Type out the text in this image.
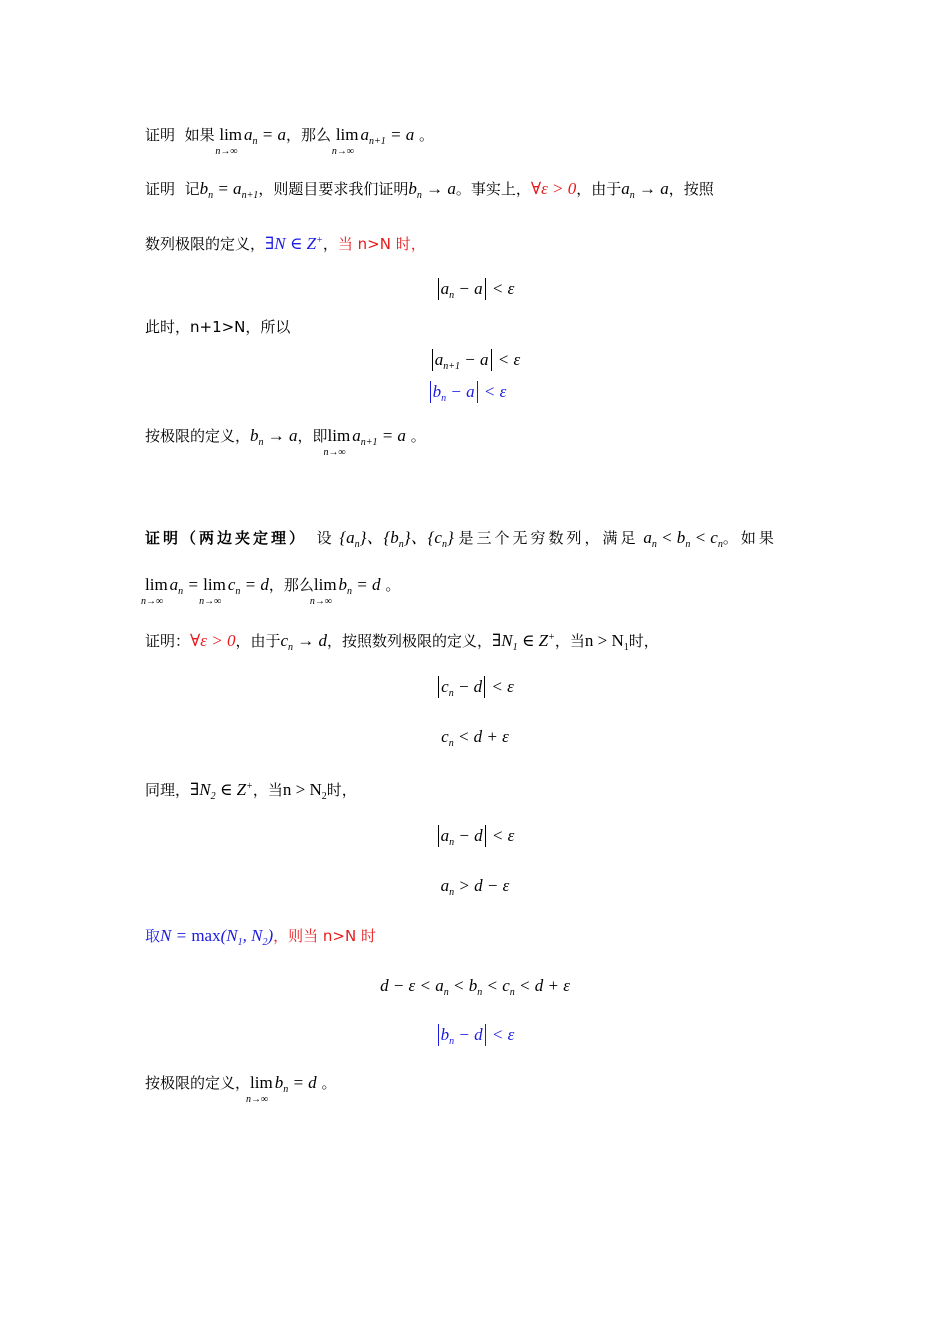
证明 如果 lim
n→∞
$a_n = a$，那么 lim
n→∞
$a_{n+1} = a$ 。
证明 记$b_n = a_{n+1}$，则题目要求我们证明$b_n \to a$。事实上，∀ε > 0，由于$a_n \to a$，按照
数列极限的定义，∃N ∈ Z+，当 n>N 时，
$a_n - a < \varepsilon$
此时，n+1>N，所以
$a_{n+1} - a < \varepsilon$
$b_n - a < \varepsilon$
按极限的定义，$b_n \to a$，即lim
n→∞
$a_{n+1} = a$ 。
证明（两边夹定理） 设 $\{a_n\}$、$\{b_n\}$、$\{c_n\}$ 是三个无穷数列，满足 $a_n < b_n < c_n$。如果
lim
n→∞
$a_n = \lim$
n→∞
$c_n = d$，那么lim
n→∞
$b_n = d$ 。
证明：∀ε > 0，由于$c_n \to d$，按照数列极限的定义，$\exists N_1$ ∈ Z+，当$n > N_1$时，
$c_n - d < \varepsilon$
$c_n < d + \varepsilon$
同理，$\exists N_2$ ∈ Z+，当$n > N_2$时，
$a_n - d < \varepsilon$
$a_n > d - \varepsilon$
取$N = \max(N_1$, $N_2$)，则当 n>N 时
$d - \varepsilon < a_n < b_n < c_n < d + \varepsilon$
$b_n - d < \varepsilon$
按极限的定义，lim
n→∞
$b_n = d$ 。
